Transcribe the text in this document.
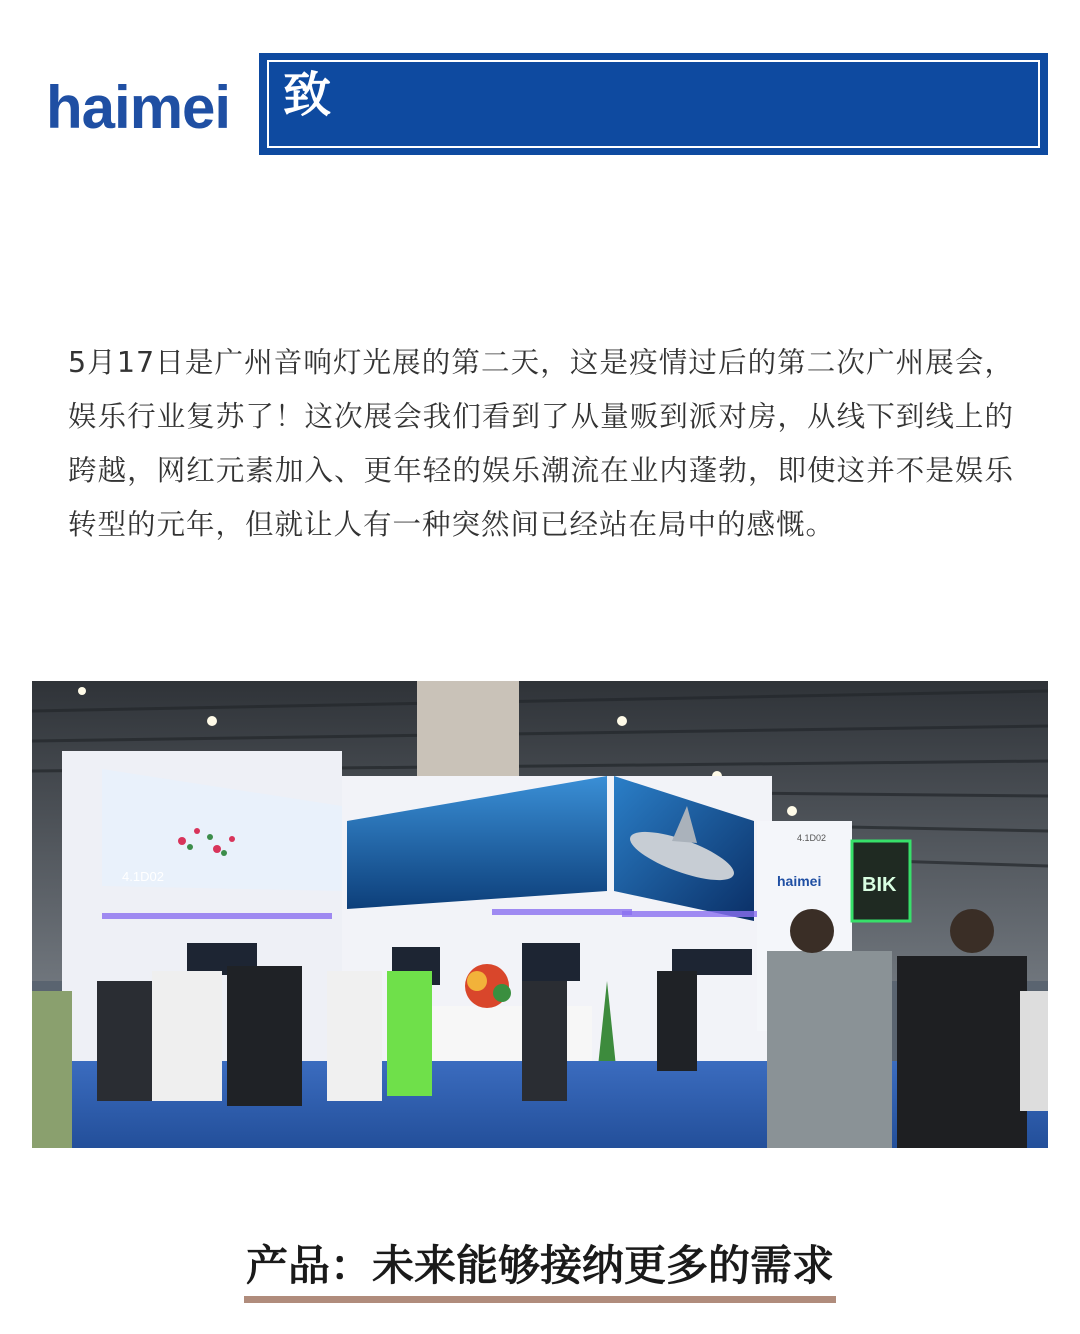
haimei 致
5月17日是广州音响灯光展的第二天，这是疫情过后的第二次广州展会，娱乐行业复苏了！这次展会我们看到了从量贩到派对房，从线下到线上的跨越，网红元素加入、更年轻的娱乐潮流在业内蓬勃，即使这并不是娱乐转型的元年，但就让人有一种突然间已经站在局中的感慨。
4.1D02	haimei
4.1D02
BIK
产品：未来能够接纳更多的需求
